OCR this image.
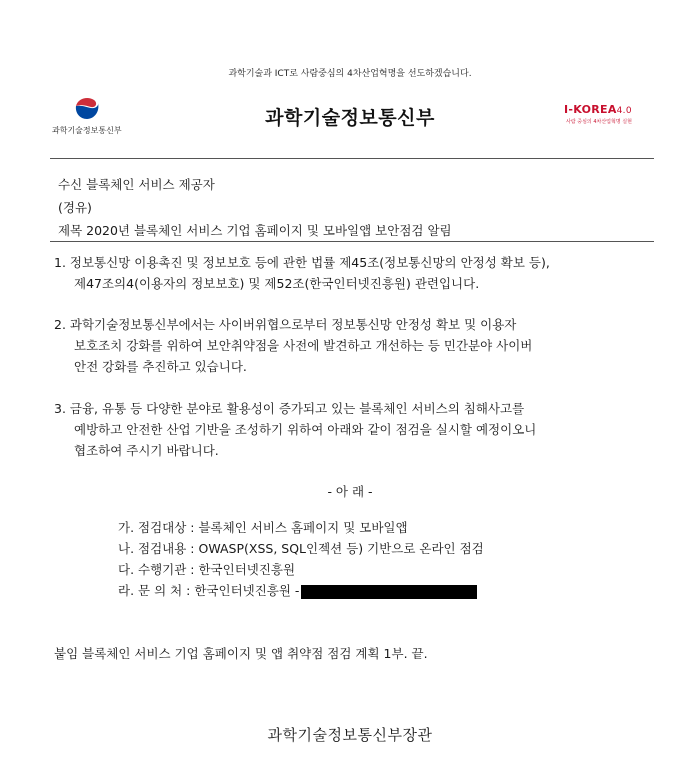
과학기술과 ICT로 사람중심의 4차산업혁명을 선도하겠습니다.
과학기술정보통신부
과학기술정보통신부	I-KOREA4.0
사람 중심의 4차산업혁명 실현
수신 블록체인 서비스 제공자
(경유)
제목 2020년 블록체인 서비스 기업 홈페이지 및 모바일앱 보안점검 알림
1. 정보통신망 이용촉진 및 정보보호 등에 관한 법률 제45조(정보통신망의 안정성 확보 등),
제47조의4(이용자의 정보보호) 및 제52조(한국인터넷진흥원) 관련입니다.
2. 과학기술정보통신부에서는 사이버위협으로부터 정보통신망 안정성 확보 및 이용자
보호조치 강화를 위하여 보안취약점을 사전에 발견하고 개선하는 등 민간분야 사이버
안전 강화를 추진하고 있습니다.
3. 금융, 유통 등 다양한 분야로 활용성이 증가되고 있는 블록체인 서비스의 침해사고를
예방하고 안전한 산업 기반을 조성하기 위하여 아래와 같이 점검을 실시할 예정이오니
협조하여 주시기 바랍니다.
- 아 래 -
가. 점검대상 : 블록체인 서비스 홈페이지 및 모바일앱
나. 점검내용 : OWASP(XSS, SQL인젝션 등) 기반으로 온라인 점검
다. 수행기관 : 한국인터넷진흥원
라. 문 의 처 : 한국인터넷진흥원 -
붙임 블록체인 서비스 기업 홈페이지 및 앱 취약점 점검 계획 1부. 끝.
과학기술정보통신부장관
